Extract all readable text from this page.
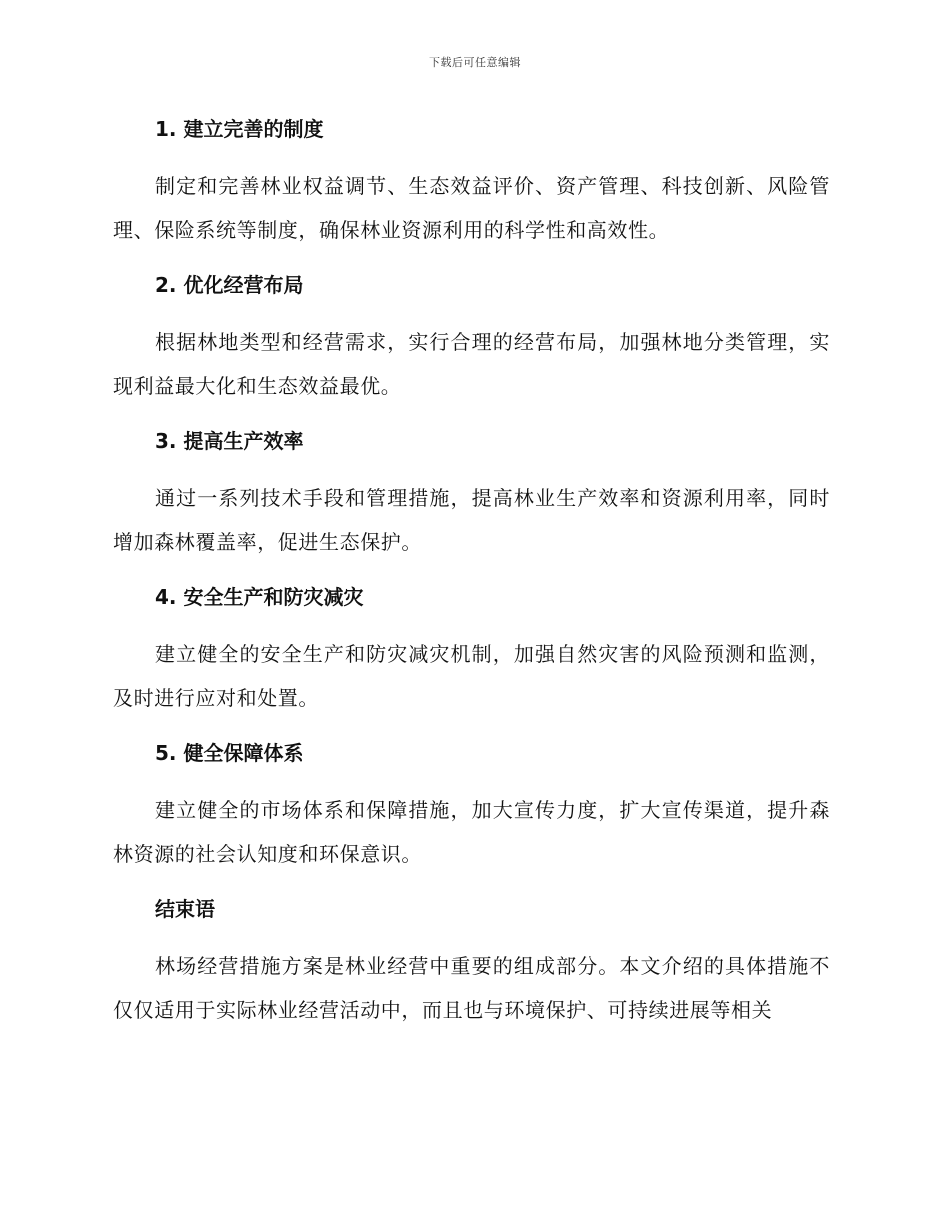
下载后可任意编辑
1. 建立完善的制度

制定和完善林业权益调节、生态效益评价、资产管理、科技创新、风险管理、保险系统等制度，确保林业资源利用的科学性和高效性。

2. 优化经营布局

根据林地类型和经营需求，实行合理的经营布局，加强林地分类管理，实现利益最大化和生态效益最优。

3. 提高生产效率

通过一系列技术手段和管理措施，提高林业生产效率和资源利用率，同时增加森林覆盖率，促进生态保护。

4. 安全生产和防灾减灾

建立健全的安全生产和防灾减灾机制，加强自然灾害的风险预测和监测，及时进行应对和处置。

5. 健全保障体系

建立健全的市场体系和保障措施，加大宣传力度，扩大宣传渠道，提升森林资源的社会认知度和环保意识。

结束语

林场经营措施方案是林业经营中重要的组成部分。本文介绍的具体措施不仅仅适用于实际林业经营活动中，而且也与环境保护、可持续进展等相关
